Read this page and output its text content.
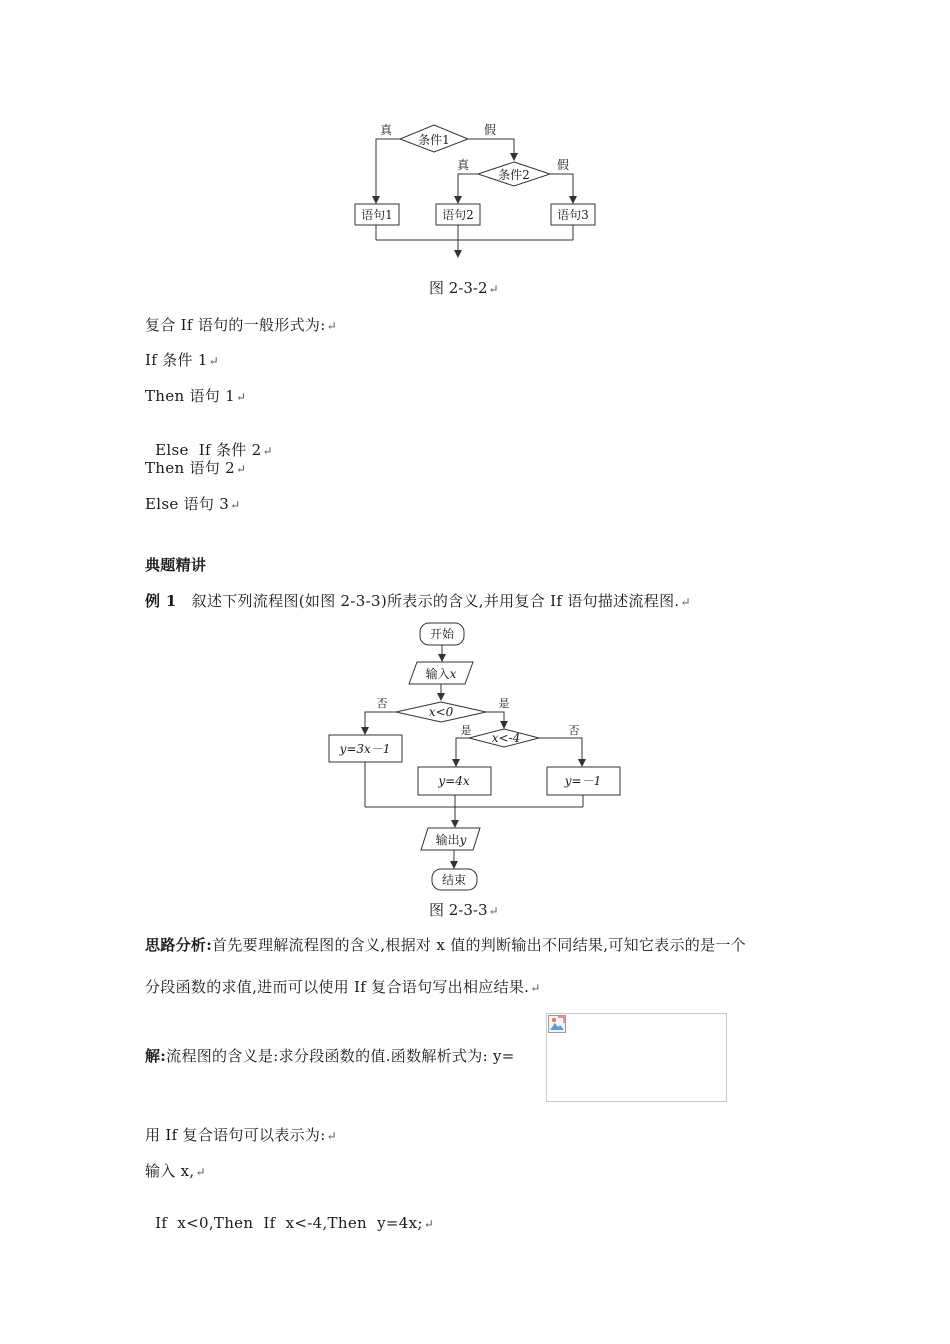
条件1
真	假
条件2
真	假
语句1	语句2	语句3
图 2-3-2↵
复合 If 语句的一般形式为:↵
If 条件 1↵
Then 语句 1↵

Else  If 条件 2↵

Then 语句 2↵
Else 语句 3↵
典题精讲
例 1 叙述下列流程图(如图 2-3-3)所表示的含义,并用复合 If 语句描述流程图.↵
开始
输入x
x<0
否	是
y=3x－1
x<-4
是	否
y=4x	y=－1
输出y
结束
图 2-3-3↵
思路分析:首先要理解流程图的含义,根据对 x 值的判断输出不同结果,可知它表示的是一个
分段函数的求值,进而可以使用 If 复合语句写出相应结果.↵
解:流程图的含义是:求分段函数的值.函数解析式为: y=
用 If 复合语句可以表示为:↵
输入 x,↵

If  x<0,Then  If  x<-4,Then  y=4x;↵
